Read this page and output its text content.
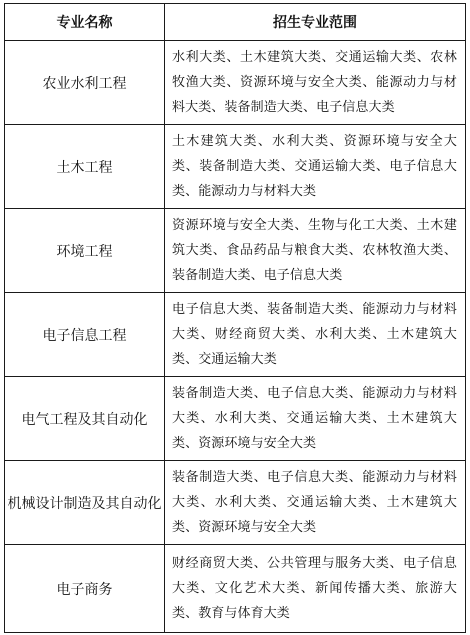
专业名称	招生专业范围
农业水利工程	水利大类、土木建筑大类、交通运输大类、农林牧渔大类、资源环境与安全大类、能源动力与材料大类、装备制造大类、电子信息大类
土木工程	土木建筑大类、水利大类、资源环境与安全大类、装备制造大类、交通运输大类、电子信息大类、能源动力与材料大类
环境工程	资源环境与安全大类、生物与化工大类、土木建筑大类、食品药品与粮食大类、农林牧渔大类、装备制造大类、电子信息大类
电子信息工程	电子信息大类、装备制造大类、能源动力与材料大类、财经商贸大类、水利大类、土木建筑大类、交通运输大类
电气工程及其自动化	装备制造大类、电子信息大类、能源动力与材料大类、水利大类、交通运输大类、土木建筑大类、资源环境与安全大类
机械设计制造及其自动化	装备制造大类、电子信息大类、能源动力与材料大类、水利大类、交通运输大类、土木建筑大类、资源环境与安全大类
电子商务	财经商贸大类、公共管理与服务大类、电子信息大类、文化艺术大类、新闻传播大类、旅游大类、教育与体育大类
